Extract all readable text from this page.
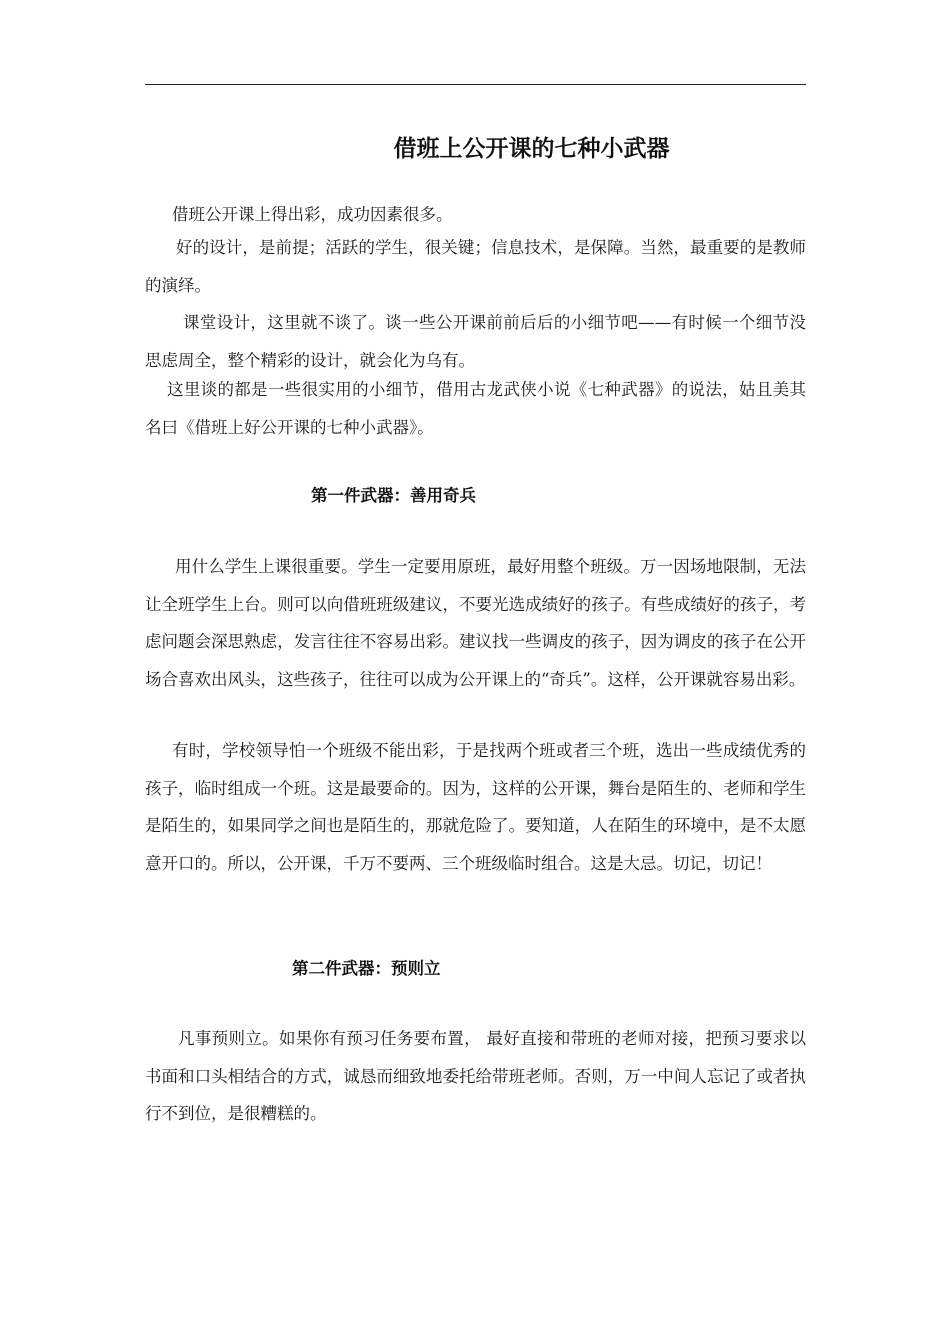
借班上公开课的七种小武器

借班公开课上得出彩，成功因素很多。

好的设计，是前提；活跃的学生，很关键；信息技术，是保障。当然，最重要的是教师的演绎。

课堂设计，这里就不谈了。谈一些公开课前前后后的小细节吧——有时候一个细节没思虑周全，整个精彩的设计，就会化为乌有。

这里谈的都是一些很实用的小细节，借用古龙武侠小说《七种武器》的说法，姑且美其名曰《借班上好公开课的七种小武器》。

第一件武器：善用奇兵

用什么学生上课很重要。学生一定要用原班，最好用整个班级。万一因场地限制，无法让全班学生上台。则可以向借班班级建议，不要光选成绩好的孩子。有些成绩好的孩子，考虑问题会深思熟虑，发言往往不容易出彩。建议找一些调皮的孩子，因为调皮的孩子在公开场合喜欢出风头，这些孩子，往往可以成为公开课上的“奇兵”。这样，公开课就容易出彩。

有时，学校领导怕一个班级不能出彩，于是找两个班或者三个班，选出一些成绩优秀的孩子，临时组成一个班。这是最要命的。因为，这样的公开课，舞台是陌生的、老师和学生是陌生的，如果同学之间也是陌生的，那就危险了。要知道，人在陌生的环境中，是不太愿意开口的。所以，公开课，千万不要两、三个班级临时组合。这是大忌。切记，切记！

第二件武器：预则立

凡事预则立。如果你有预习任务要布置， 最好直接和带班的老师对接，把预习要求以书面和口头相结合的方式，诚恳而细致地委托给带班老师。否则，万一中间人忘记了或者执行不到位，是很糟糕的。
